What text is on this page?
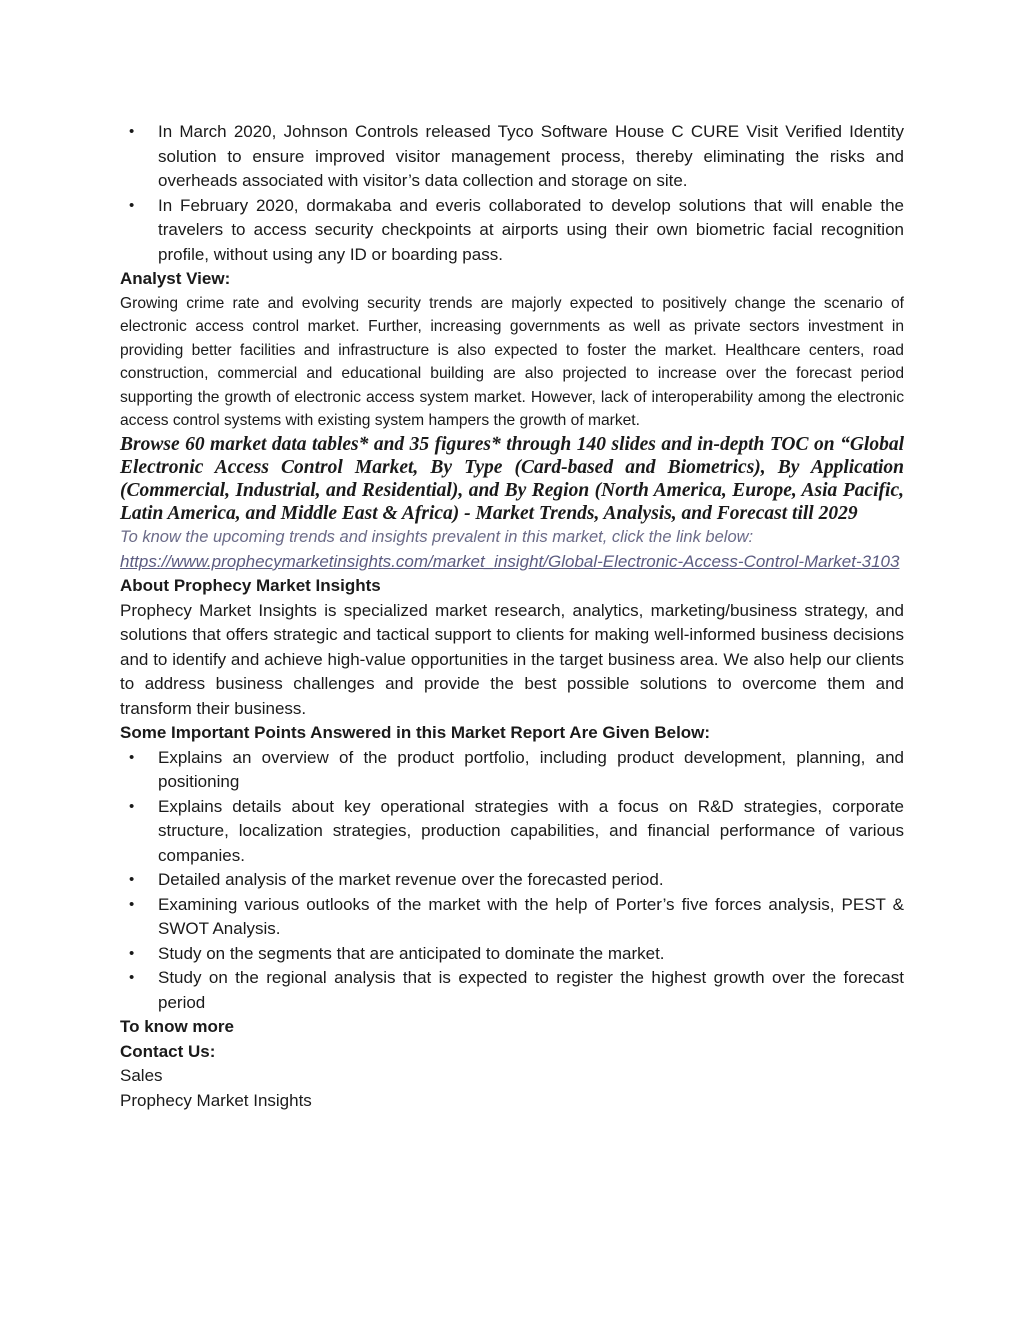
• In March 2020, Johnson Controls released Tyco Software House C CURE Visit Verified Identity solution to ensure improved visitor management process, thereby eliminating the risks and overheads associated with visitor’s data collection and storage on site.
• In February 2020, dormakaba and everis collaborated to develop solutions that will enable the travelers to access security checkpoints at airports using their own biometric facial recognition profile, without using any ID or boarding pass.

Analyst View:

Growing crime rate and evolving security trends are majorly expected to positively change the scenario of electronic access control market. Further, increasing governments as well as private sectors investment in providing better facilities and infrastructure is also expected to foster the market. Healthcare centers, road construction, commercial and educational building are also projected to increase over the forecast period supporting the growth of electronic access system market. However, lack of interoperability among the electronic access control systems with existing system hampers the growth of market.

Browse 60 market data tables* and 35 figures* through 140 slides and in-depth TOC on “Global Electronic Access Control Market, By Type (Card-based and Biometrics), By Application (Commercial, Industrial, and Residential), and By Region (North America, Europe, Asia Pacific, Latin America, and Middle East & Africa) - Market Trends, Analysis, and Forecast till 2029

To know the upcoming trends and insights prevalent in this market, click the link below:

https://www.prophecymarketinsights.com/market_insight/Global-Electronic-Access-Control-Market-3103

About Prophecy Market Insights

Prophecy Market Insights is specialized market research, analytics, marketing/business strategy, and solutions that offers strategic and tactical support to clients for making well-informed business decisions and to identify and achieve high-value opportunities in the target business area. We also help our clients to address business challenges and provide the best possible solutions to overcome them and transform their business.

Some Important Points Answered in this Market Report Are Given Below:

• Explains an overview of the product portfolio, including product development, planning, and positioning
• Explains details about key operational strategies with a focus on R&D strategies, corporate structure, localization strategies, production capabilities, and financial performance of various companies.
• Detailed analysis of the market revenue over the forecasted period.
• Examining various outlooks of the market with the help of Porter’s five forces analysis, PEST & SWOT Analysis.
• Study on the segments that are anticipated to dominate the market.
• Study on the regional analysis that is expected to register the highest growth over the forecast period

To know more

Contact Us:

Sales

Prophecy Market Insights
